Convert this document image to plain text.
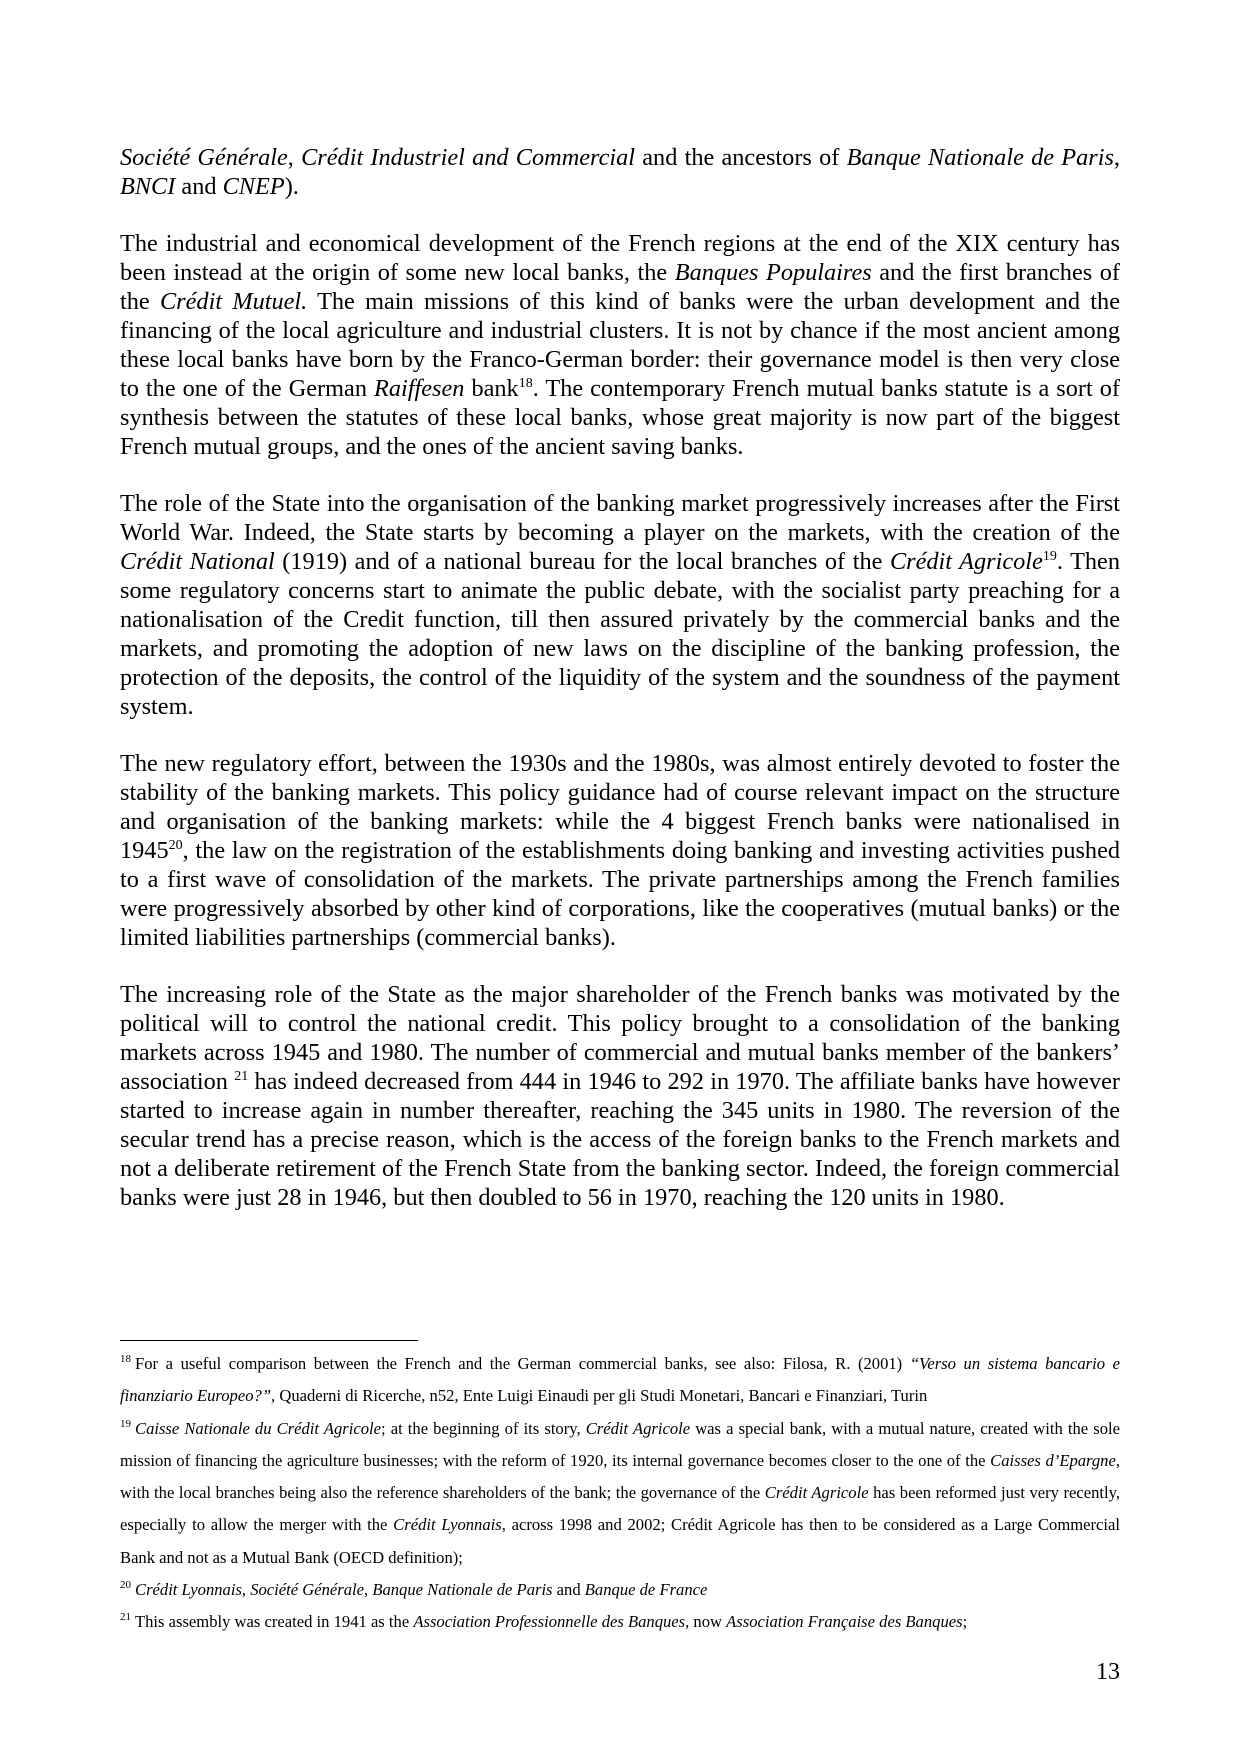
Société Générale, Crédit Industriel and Commercial and the ancestors of Banque Nationale de Paris, BNCI and CNEP).

The industrial and economical development of the French regions at the end of the XIX century has been instead at the origin of some new local banks, the Banques Populaires and the first branches of the Crédit Mutuel. The main missions of this kind of banks were the urban development and the financing of the local agriculture and industrial clusters. It is not by chance if the most ancient among these local banks have born by the Franco-German border: their governance model is then very close to the one of the German Raiffesen bank$^{18}$. The contemporary French mutual banks statute is a sort of synthesis between the statutes of these local banks, whose great majority is now part of the biggest French mutual groups, and the ones of the ancient saving banks.

The role of the State into the organisation of the banking market progressively increases after the First World War. Indeed, the State starts by becoming a player on the markets, with the creation of the Crédit National (1919) and of a national bureau for the local branches of the Crédit Agricole$^{19}$. Then some regulatory concerns start to animate the public debate, with the socialist party preaching for a nationalisation of the Credit function, till then assured privately by the commercial banks and the markets, and promoting the adoption of new laws on the discipline of the banking profession, the protection of the deposits, the control of the liquidity of the system and the soundness of the payment system.

The new regulatory effort, between the 1930s and the 1980s, was almost entirely devoted to foster the stability of the banking markets. This policy guidance had of course relevant impact on the structure and organisation of the banking markets: while the 4 biggest French banks were nationalised in 1945$^{20}$, the law on the registration of the establishments doing banking and investing activities pushed to a first wave of consolidation of the markets. The private partnerships among the French families were progressively absorbed by other kind of corporations, like the cooperatives (mutual banks) or the limited liabilities partnerships (commercial banks).

The increasing role of the State as the major shareholder of the French banks was motivated by the political will to control the national credit. This policy brought to a consolidation of the banking markets across 1945 and 1980. The number of commercial and mutual banks member of the bankers’ association $^{21}$ has indeed decreased from 444 in 1946 to 292 in 1970. The affiliate banks have however started to increase again in number thereafter, reaching the 345 units in 1980. The reversion of the secular trend has a precise reason, which is the access of the foreign banks to the French markets and not a deliberate retirement of the French State from the banking sector. Indeed, the foreign commercial banks were just 28 in 1946, but then doubled to 56 in 1970, reaching the 120 units in 1980.

$^{18}$ For a useful comparison between the French and the German commercial banks, see also: Filosa, R. (2001) “Verso un sistema bancario e finanziario Europeo?”, Quaderni di Ricerche, n52, Ente Luigi Einaudi per gli Studi Monetari, Bancari e Finanziari, Turin

$^{19}$ Caisse Nationale du Crédit Agricole; at the beginning of its story, Crédit Agricole was a special bank, with a mutual nature, created with the sole mission of financing the agriculture businesses; with the reform of 1920, its internal governance becomes closer to the one of the Caisses d’Epargne, with the local branches being also the reference shareholders of the bank; the governance of the Crédit Agricole has been reformed just very recently, especially to allow the merger with the Crédit Lyonnais, across 1998 and 2002; Crédit Agricole has then to be considered as a Large Commercial Bank and not as a Mutual Bank (OECD definition);

$^{20}$ Crédit Lyonnais, Société Générale, Banque Nationale de Paris and Banque de France

$^{21}$ This assembly was created in 1941 as the Association Professionnelle des Banques, now Association Française des Banques;

13
